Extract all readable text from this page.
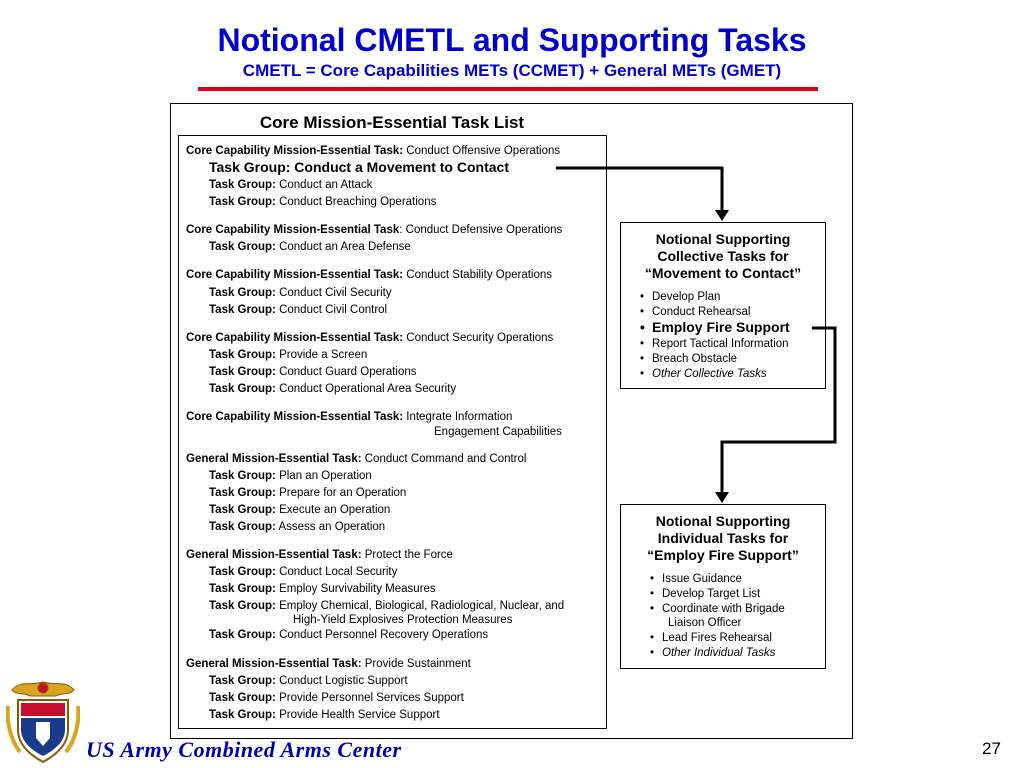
Notional CMETL and Supporting Tasks
CMETL = Core Capabilities METs (CCMET) + General METs (GMET)
Core Mission-Essential Task List
Core Capability Mission-Essential Task: Conduct Offensive Operations
Task Group: Conduct a Movement to Contact
Task Group: Conduct an Attack
Task Group: Conduct Breaching Operations
Core Capability Mission-Essential Task: Conduct Defensive Operations
Task Group: Conduct an Area Defense
Core Capability Mission-Essential Task: Conduct Stability Operations
Task Group: Conduct Civil Security
Task Group: Conduct Civil Control
Core Capability Mission-Essential Task: Conduct Security Operations
Task Group: Provide a Screen
Task Group: Conduct Guard Operations
Task Group: Conduct Operational Area Security
Core Capability Mission-Essential Task: Integrate Information
Engagement Capabilities
General Mission-Essential Task: Conduct Command and Control
Task Group: Plan an Operation
Task Group: Prepare for an Operation
Task Group: Execute an Operation
Task Group: Assess an Operation
General Mission-Essential Task: Protect the Force
Task Group: Conduct Local Security
Task Group: Employ Survivability Measures
Task Group: Employ Chemical, Biological, Radiological, Nuclear, and
High-Yield Explosives Protection Measures
Task Group: Conduct Personnel Recovery Operations
General Mission-Essential Task: Provide Sustainment
Task Group: Conduct Logistic Support
Task Group: Provide Personnel Services Support
Task Group: Provide Health Service Support
Notional Supporting
Collective Tasks for
“Movement to Contact”
• Develop Plan
• Conduct Rehearsal
• Employ Fire Support
• Report Tactical Information
• Breach Obstacle
• Other Collective Tasks
Notional Supporting
Individual Tasks for
“Employ Fire Support”
• Issue Guidance
• Develop Target List
• Coordinate with Brigade
Liaison Officer
• Lead Fires Rehearsal
• Other Individual Tasks
US Army Combined Arms Center	27
